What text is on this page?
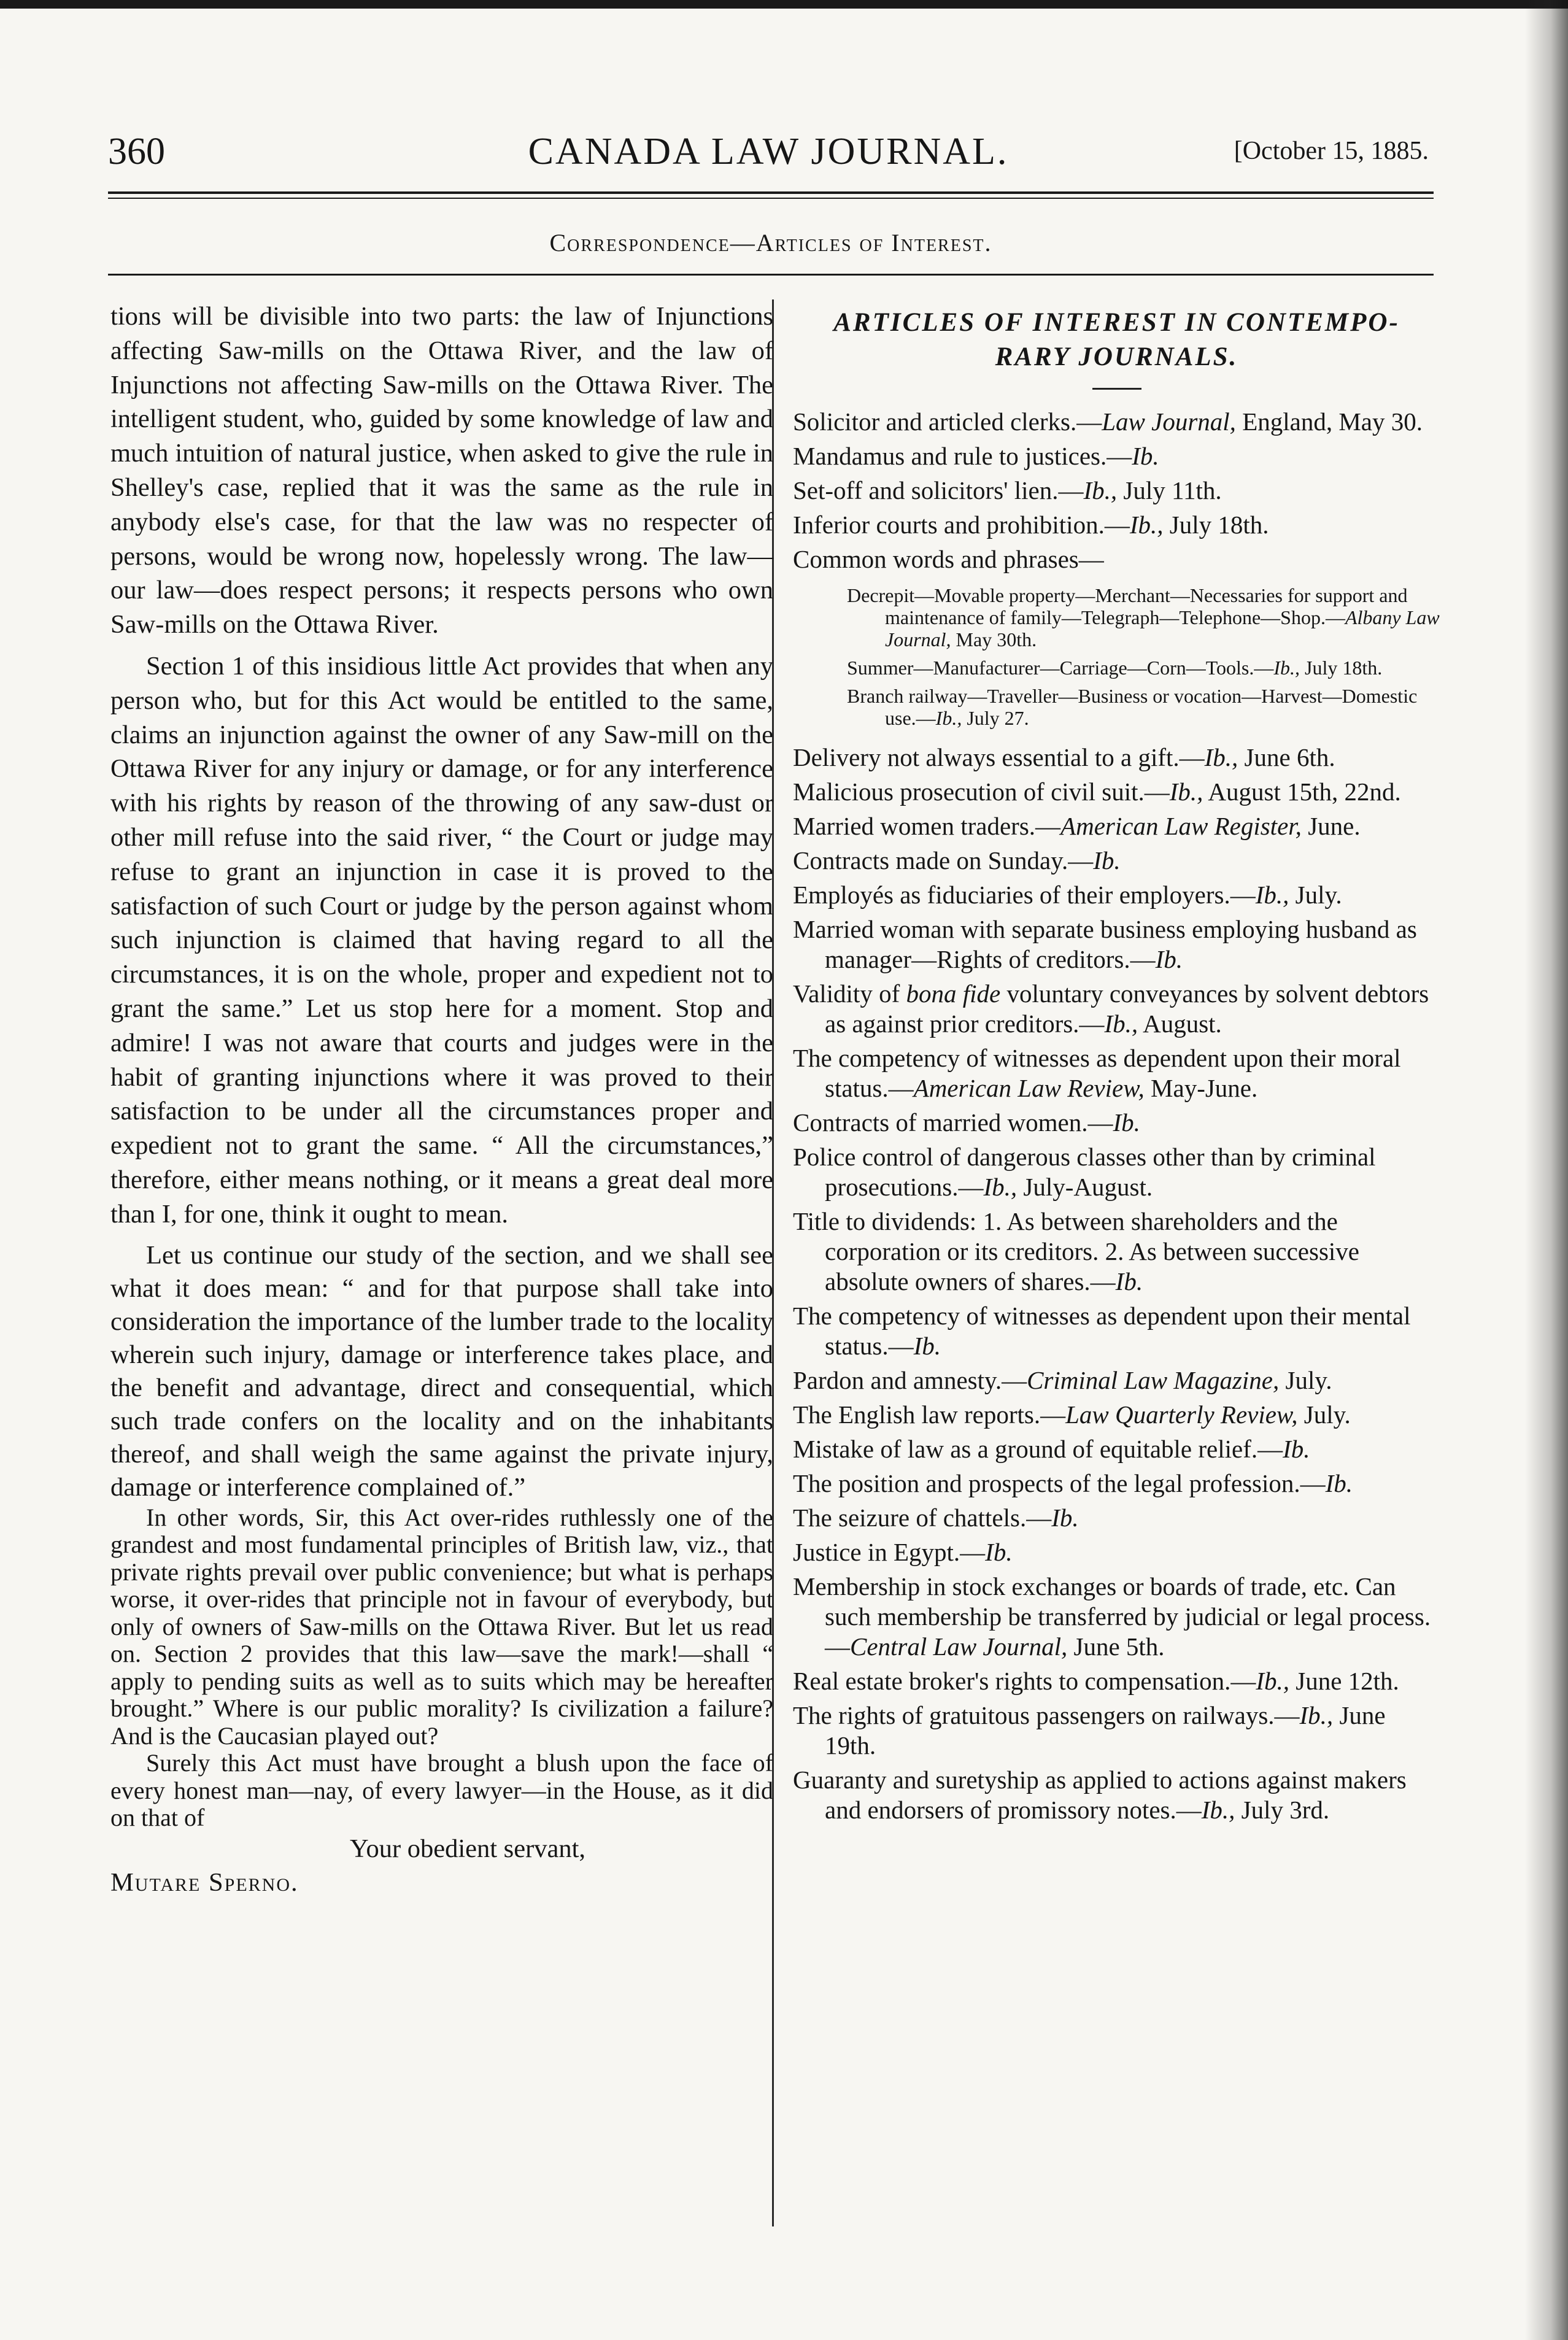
360	CANADA LAW JOURNAL.	[October 15, 1885.
Correspondence—Articles of Interest.

tions will be divisible into two parts: the law of Injunctions affecting Saw-mills on the Ottawa River, and the law of Injunctions not affecting Saw-mills on the Ottawa River. The intelligent student, who, guided by some knowledge of law and much intuition of natural justice, when asked to give the rule in Shelley's case, replied that it was the same as the rule in anybody else's case, for that the law was no respecter of persons, would be wrong now, hopelessly wrong. The law—our law—does respect persons; it respects persons who own Saw-mills on the Ottawa River.

Section 1 of this insidious little Act provides that when any person who, but for this Act would be entitled to the same, claims an injunction against the owner of any Saw-mill on the Ottawa River for any injury or damage, or for any interference with his rights by reason of the throwing of any saw-dust or other mill refuse into the said river, “ the Court or judge may refuse to grant an injunction in case it is proved to the satisfaction of such Court or judge by the person against whom such injunction is claimed that having regard to all the circumstances, it is on the whole, proper and expedient not to grant the same.” Let us stop here for a moment. Stop and admire! I was not aware that courts and judges were in the habit of granting injunctions where it was proved to their satisfaction to be under all the circumstances proper and expedient not to grant the same. “ All the circumstances,” therefore, either means nothing, or it means a great deal more than I, for one, think it ought to mean.

Let us continue our study of the section, and we shall see what it does mean: “ and for that purpose shall take into consideration the importance of the lumber trade to the locality wherein such injury, damage or interference takes place, and the benefit and advantage, direct and consequential, which such trade confers on the locality and on the inhabitants thereof, and shall weigh the same against the private injury, damage or interference complained of.”

In other words, Sir, this Act over-rides ruthlessly one of the grandest and most fundamental principles of British law, viz., that private rights prevail over public convenience; but what is perhaps worse, it over-rides that principle not in favour of everybody, but only of owners of Saw-mills on the Ottawa River. But let us read on. Section 2 provides that this law—save the mark!—shall “ apply to pending suits as well as to suits which may be hereafter brought.” Where is our public morality? Is civilization a failure? And is the Caucasian played out?

Surely this Act must have brought a blush upon the face of every honest man—nay, of every lawyer—in the House, as it did on that of

Your obedient servant,

Mutare Sperno.

ARTICLES OF INTEREST IN CONTEMPO-
RARY JOURNALS.

Solicitor and articled clerks.—Law Journal, England, May 30.

Mandamus and rule to justices.—Ib.

Set-off and solicitors' lien.—Ib., July 11th.

Inferior courts and prohibition.—Ib., July 18th.

Common words and phrases—

Decrepit—Movable property—Merchant—Necessaries for support and maintenance of family—Telegraph—Telephone—Shop.—Albany Law Journal, May 30th.

Summer—Manufacturer—Carriage—Corn—Tools.—Ib., July 18th.

Branch railway—Traveller—Business or vocation—Harvest—Domestic use.—Ib., July 27.

Delivery not always essential to a gift.—Ib., June 6th.

Malicious prosecution of civil suit.—Ib., August 15th, 22nd.

Married women traders.—American Law Register, June.

Contracts made on Sunday.—Ib.

Employés as fiduciaries of their employers.—Ib., July.

Married woman with separate business employing husband as manager—Rights of creditors.—Ib.

Validity of bona fide voluntary conveyances by solvent debtors as against prior creditors.—Ib., August.

The competency of witnesses as dependent upon their moral status.—American Law Review, May-June.

Contracts of married women.—Ib.

Police control of dangerous classes other than by criminal prosecutions.—Ib., July-August.

Title to dividends: 1. As between shareholders and the corporation or its creditors. 2. As between successive absolute owners of shares.—Ib.

The competency of witnesses as dependent upon their mental status.—Ib.

Pardon and amnesty.—Criminal Law Magazine, July.

The English law reports.—Law Quarterly Review, July.

Mistake of law as a ground of equitable relief.—Ib.

The position and prospects of the legal profession.—Ib.

The seizure of chattels.—Ib.

Justice in Egypt.—Ib.

Membership in stock exchanges or boards of trade, etc. Can such membership be transferred by judicial or legal process.—Central Law Journal, June 5th.

Real estate broker's rights to compensation.—Ib., June 12th.

The rights of gratuitous passengers on railways.—Ib., June 19th.

Guaranty and suretyship as applied to actions against makers and endorsers of promissory notes.—Ib., July 3rd.
